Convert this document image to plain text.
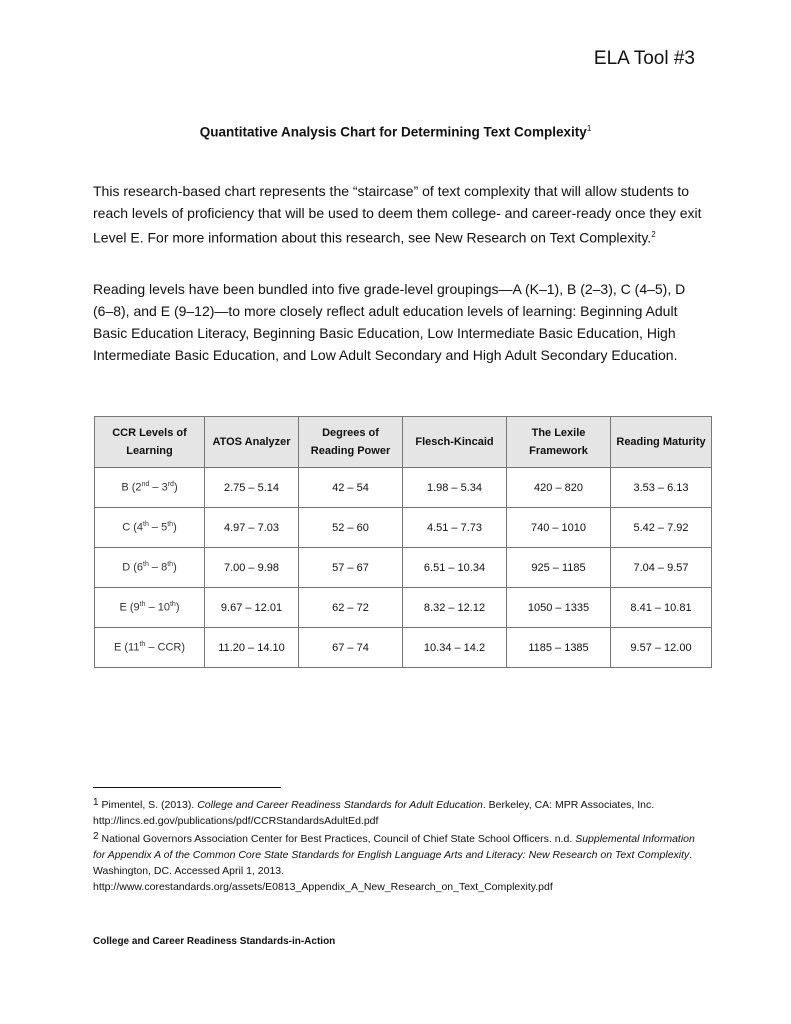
ELA Tool #3
Quantitative Analysis Chart for Determining Text Complexity$^1$
This research-based chart represents the “staircase” of text complexity that will allow students to reach levels of proficiency that will be used to deem them college- and career-ready once they exit Level E. For more information about this research, see New Research on Text Complexity.$^2$
Reading levels have been bundled into five grade-level groupings—A (K–1), B (2–3), C (4–5), D (6–8), and E (9–12)—to more closely reflect adult education levels of learning: Beginning Adult Basic Education Literacy, Beginning Basic Education, Low Intermediate Basic Education, High Intermediate Basic Education, and Low Adult Secondary and High Adult Secondary Education.
CCR Levels of Learning	ATOS Analyzer	Degrees of Reading Power	Flesch-Kincaid	The Lexile Framework	Reading Maturity
B (2nd – 3rd)	2.75 – 5.14	42 – 54	1.98 – 5.34	420 – 820	3.53 – 6.13
C (4th – 5th)	4.97 – 7.03	52 – 60	4.51 – 7.73	740 – 1010	5.42 – 7.92
D (6th – 8th)	7.00 – 9.98	57 – 67	6.51 – 10.34	925 – 1185	7.04 – 9.57
E (9th – 10th)	9.67 – 12.01	62 – 72	8.32 – 12.12	1050 – 1335	8.41 – 10.81
E (11th – CCR)	11.20 – 14.10	67 – 74	10.34 – 14.2	1185 – 1385	9.57 – 12.00

1 Pimentel, S. (2013). College and Career Readiness Standards for Adult Education. Berkeley, CA: MPR Associates, Inc. http://lincs.ed.gov/publications/pdf/CCRStandardsAdultEd.pdf

2 National Governors Association Center for Best Practices, Council of Chief State School Officers. n.d. Supplemental Information for Appendix A of the Common Core State Standards for English Language Arts and Literacy: New Research on Text Complexity. Washington, DC. Accessed April 1, 2013. http://www.corestandards.org/assets/E0813_Appendix_A_New_Research_on_Text_Complexity.pdf

College and Career Readiness Standards-in-Action
